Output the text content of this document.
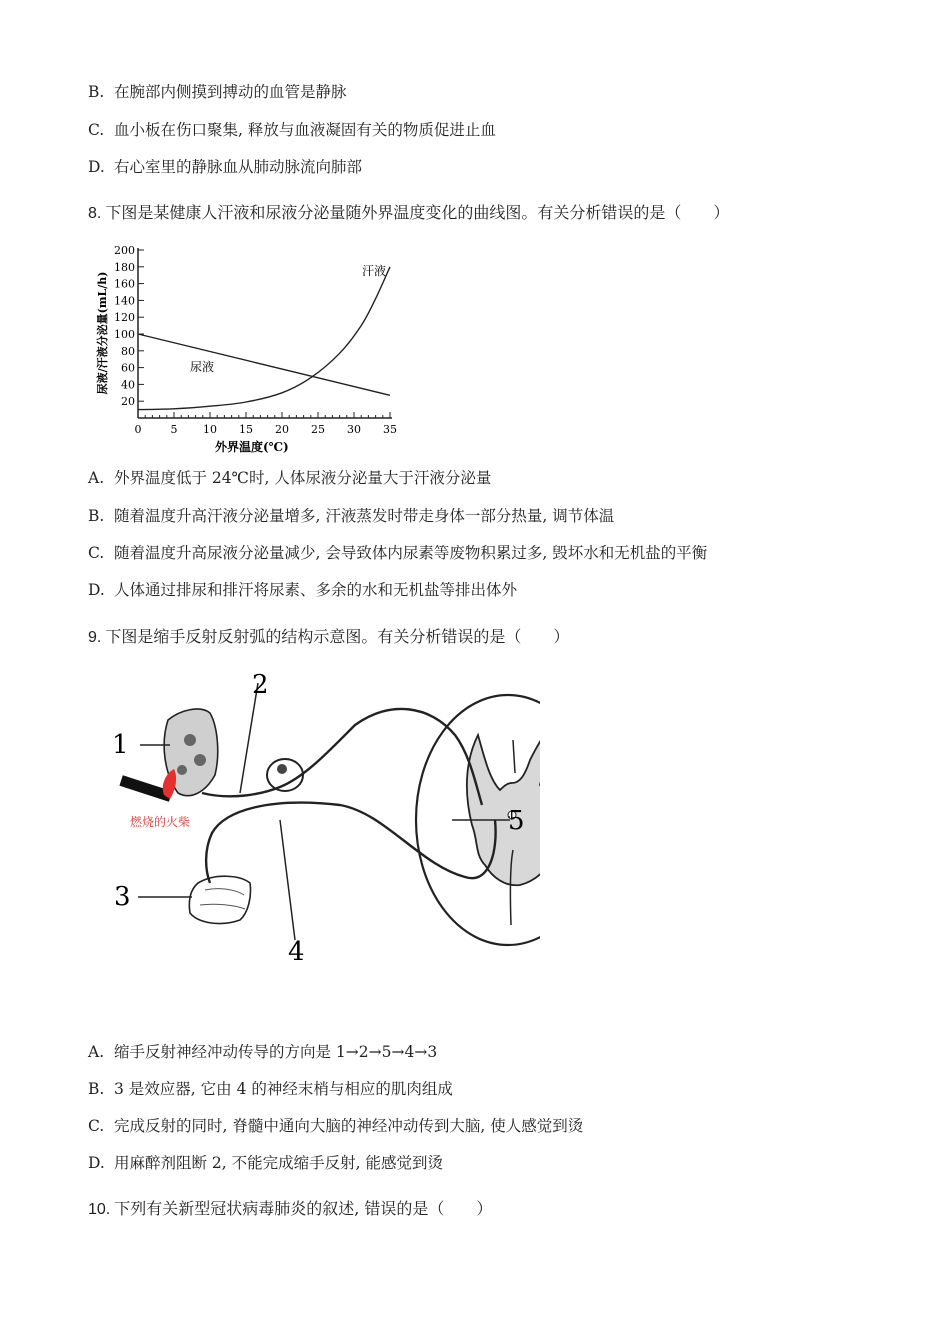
B. 在腕部内侧摸到搏动的血管是静脉
C. 血小板在伤口聚集, 释放与血液凝固有关的物质促进止血
D. 右心室里的静脉血从肺动脉流向肺部
8. 下图是某健康人汗液和尿液分泌量随外界温度变化的曲线图。有关分析错误的是（　　）
0	5 10 15 20 25 30 35
20
40
60
80
100
120
140
160
180
200
尿液
汗液
外界温度(℃)
尿液/汗液分泌量(mL/h)
A. 外界温度低于 24℃时, 人体尿液分泌量大于汗液分泌量
B. 随着温度升高汗液分泌量增多, 汗液蒸发时带走身体一部分热量, 调节体温
C. 随着温度升高尿液分泌量减少, 会导致体内尿素等废物积累过多, 毁坏水和无机盐的平衡
D. 人体通过排尿和排汗将尿素、多余的水和无机盐等排出体外
9. 下图是缩手反射反射弧的结构示意图。有关分析错误的是（　　）
燃烧的火柴
1
2
3
4
5
A. 缩手反射神经冲动传导的方向是 1→2→5→4→3
B. 3 是效应器, 它由 4 的神经末梢与相应的肌肉组成
C. 完成反射的同时, 脊髓中通向大脑的神经冲动传到大脑, 使人感觉到烫
D. 用麻醉剂阻断 2, 不能完成缩手反射, 能感觉到烫
10. 下列有关新型冠状病毒肺炎的叙述, 错误的是（　　）
